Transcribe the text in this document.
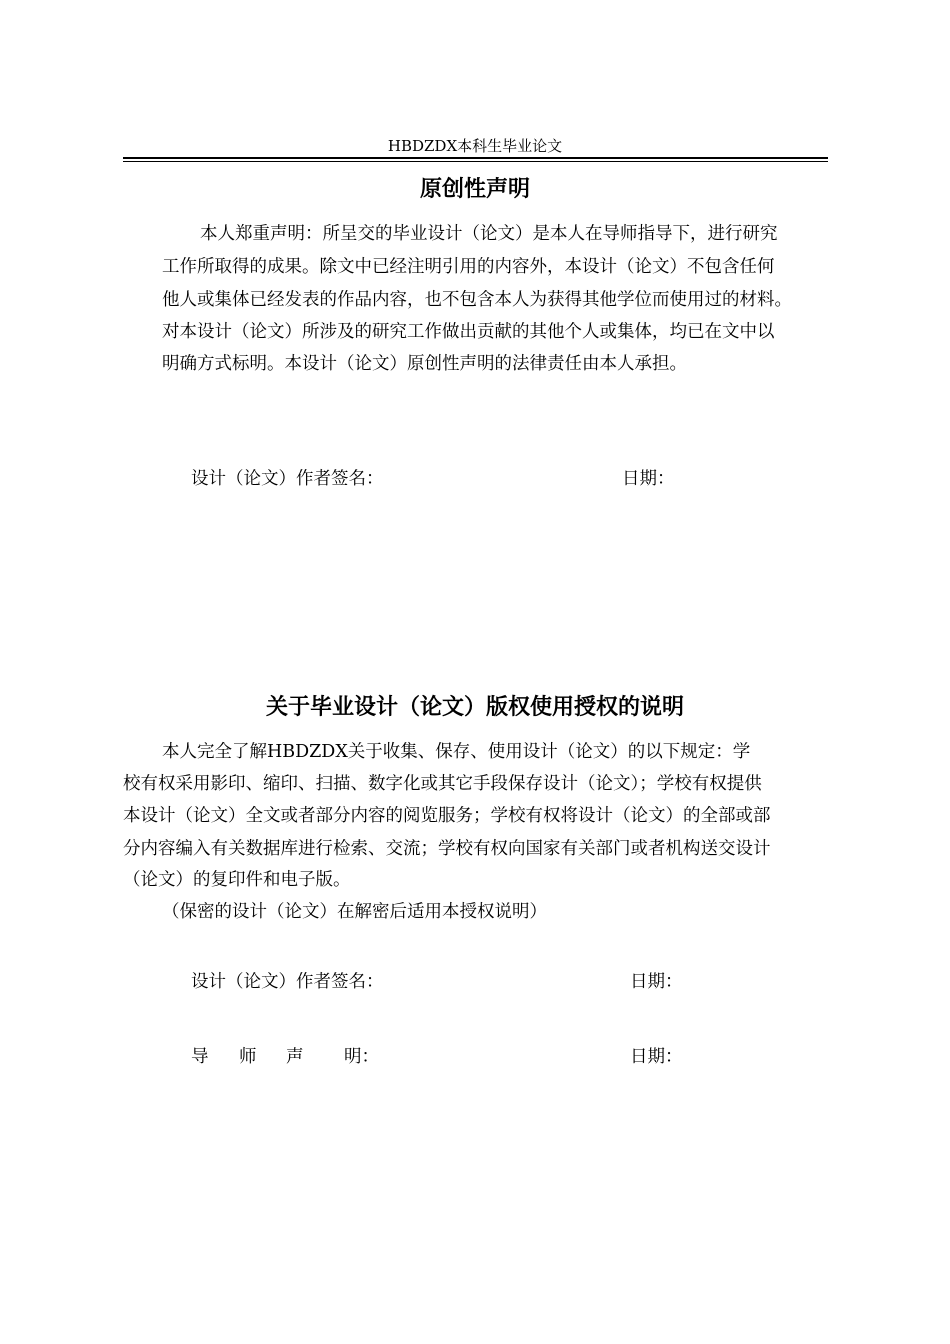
HBDZDX本科生毕业论文
原创性声明
本人郑重声明：所呈交的毕业设计（论文）是本人在导师指导下，进行研究
工作所取得的成果。除文中已经注明引用的内容外，本设计（论文）不包含任何
他人或集体已经发表的作品内容，也不包含本人为获得其他学位而使用过的材料。
对本设计（论文）所涉及的研究工作做出贡献的其他个人或集体，均已在文中以
明确方式标明。本设计（论文）原创性声明的法律责任由本人承担。
设计（论文）作者签名：	日期：
关于毕业设计（论文）版权使用授权的说明
本人完全了解HBDZDX关于收集、保存、使用设计（论文）的以下规定：学
校有权采用影印、缩印、扫描、数字化或其它手段保存设计（论文）；学校有权提供
本设计（论文）全文或者部分内容的阅览服务；学校有权将设计（论文）的全部或部
分内容编入有关数据库进行检索、交流；学校有权向国家有关部门或者机构送交设计
（论文）的复印件和电子版。
（保密的设计（论文）在解密后适用本授权说明）
设计（论文）作者签名：	日期：
导 师 声 明：	日期：
